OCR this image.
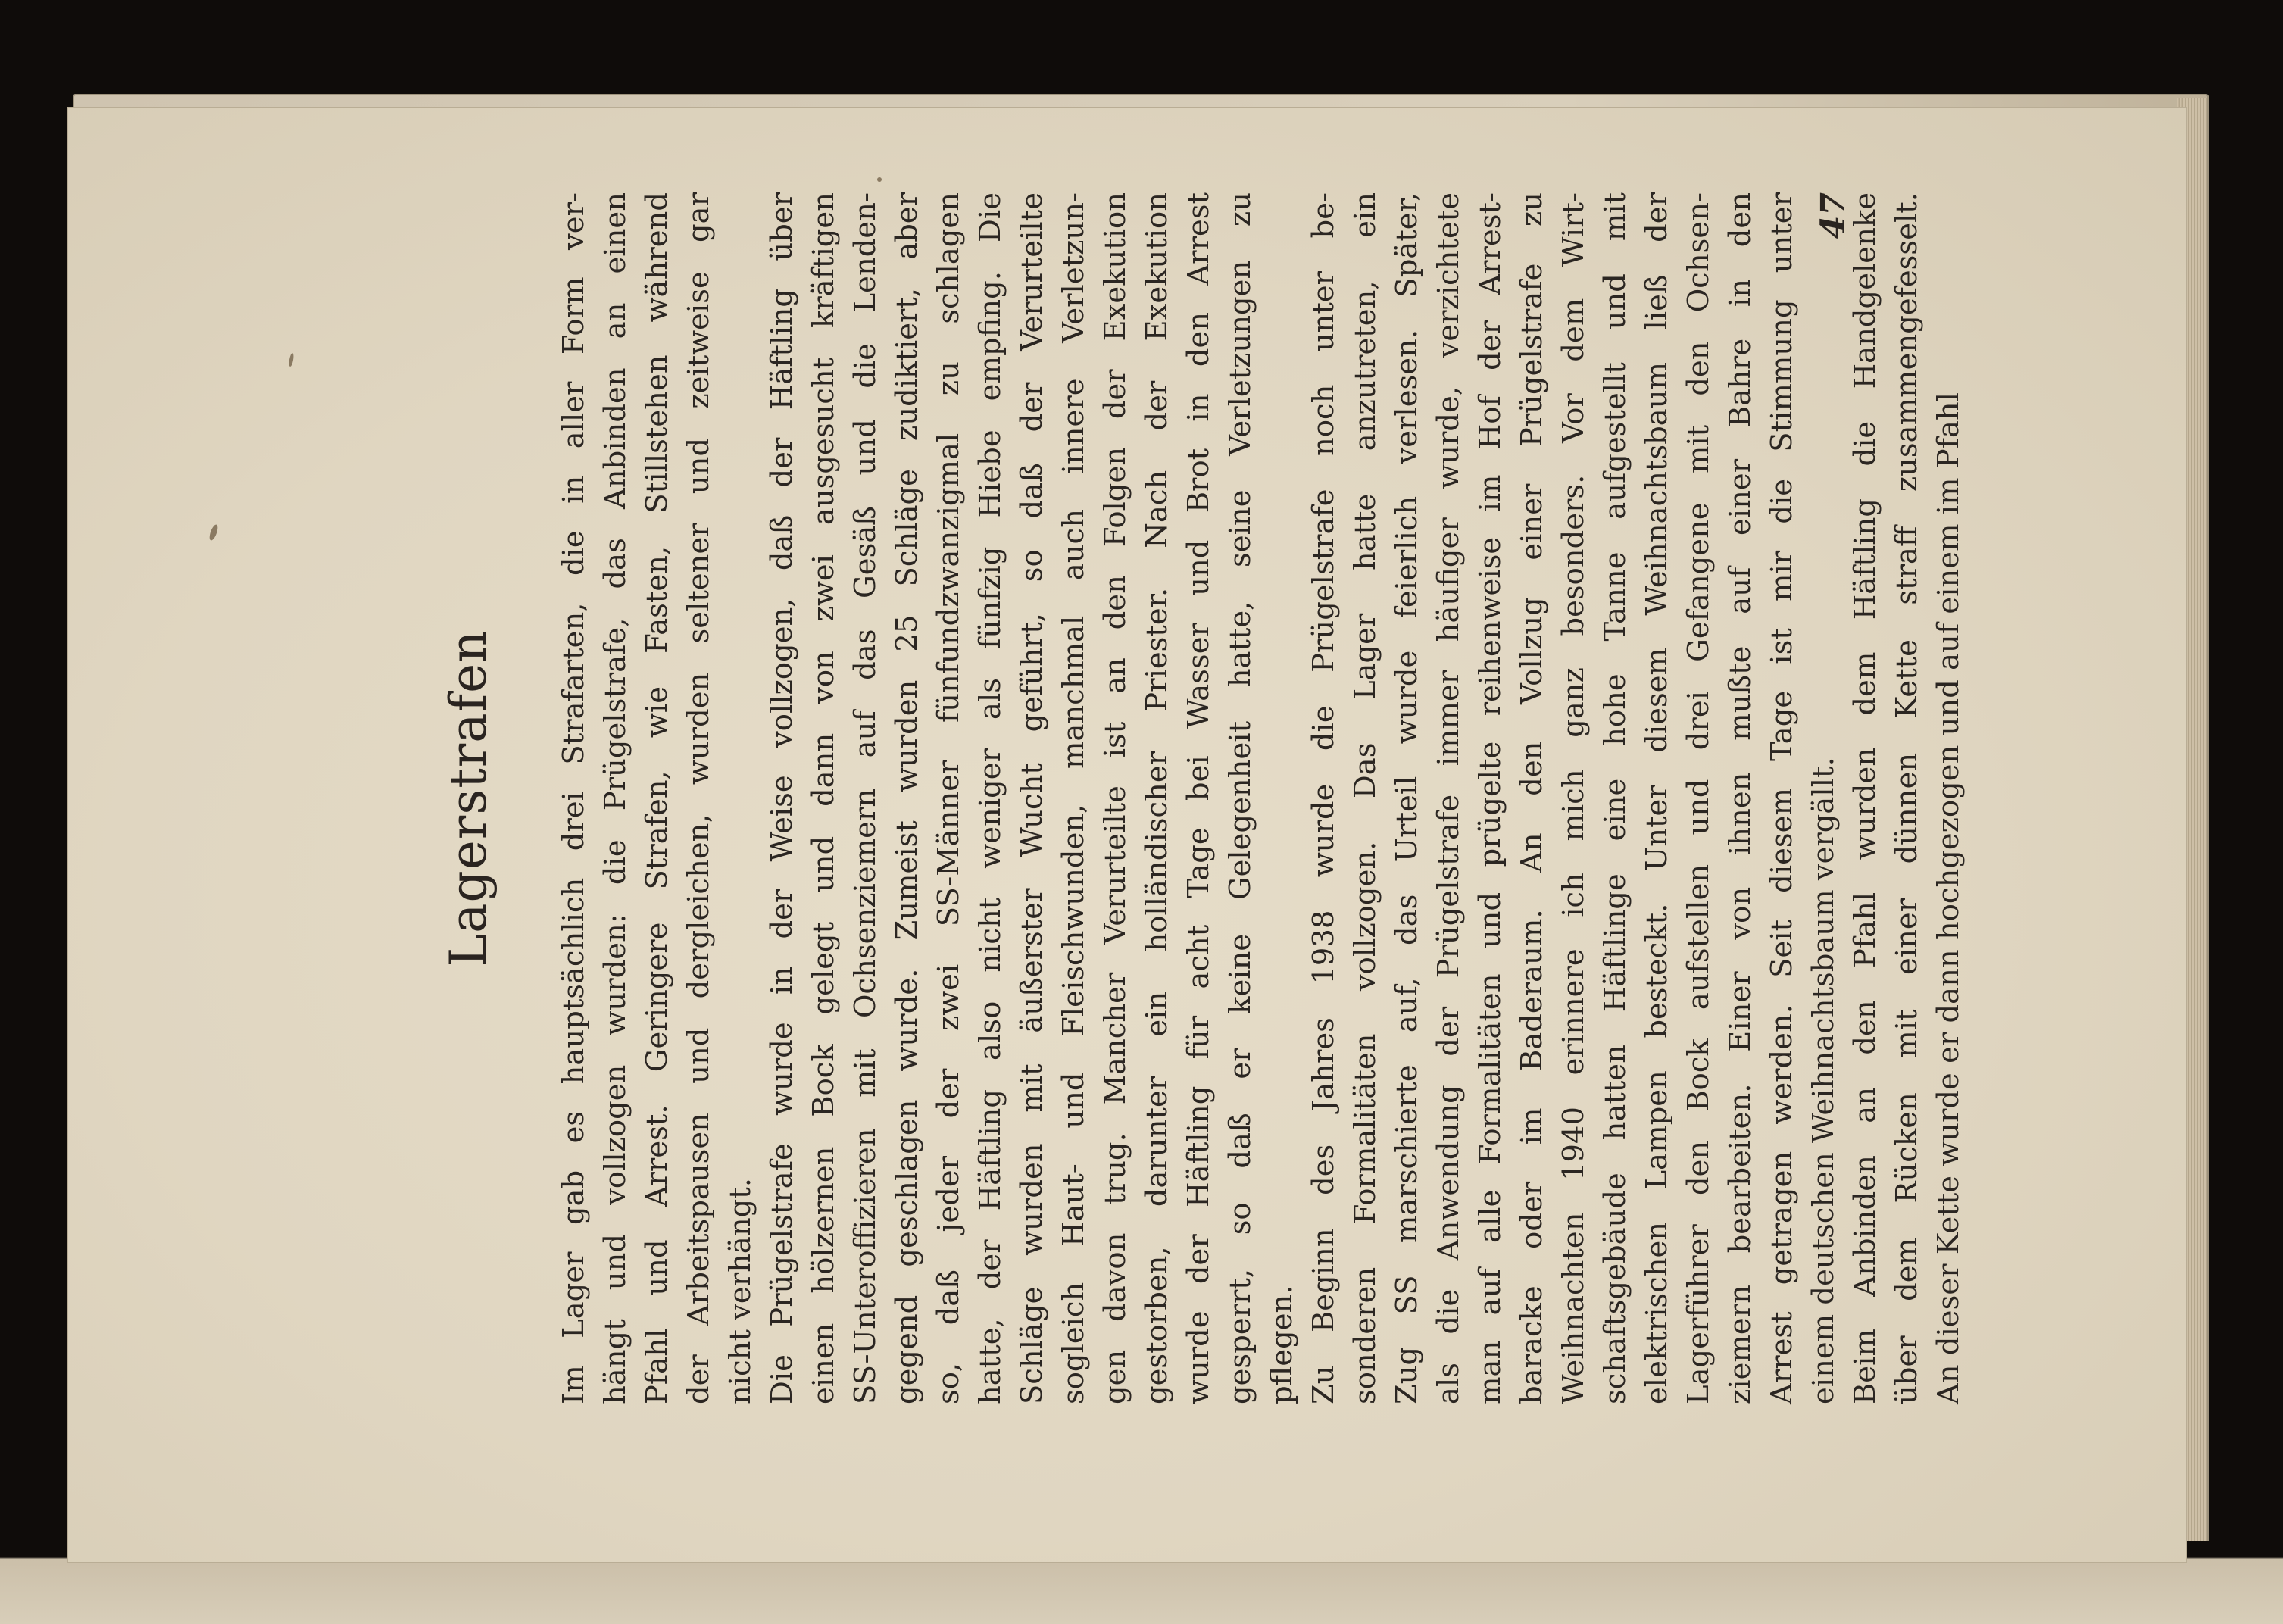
Lagerstrafen Im Lager gab es hauptsächlich drei Strafarten, die in aller Form ver- hängt und vollzogen wurden: die Prügelstrafe, das Anbinden an einen Pfahl und Arrest. Geringere Strafen, wie Fasten, Stillstehen während der Arbeitspausen und dergleichen, wurden seltener und zeitweise gar nicht verhängt. Die Prügelstrafe wurde in der Weise vollzogen, daß der Häftling über einen hölzernen Bock gelegt und dann von zwei ausgesucht kräftigen SS-Unteroffizieren mit Ochsenziemern auf das Gesäß und die Lenden- gegend geschlagen wurde. Zumeist wurden 25 Schläge zudiktiert, aber so, daß jeder der zwei SS-Männer fünfundzwanzigmal zu schlagen hatte, der Häftling also nicht weniger als fünfzig Hiebe empfing. Die Schläge wurden mit äußerster Wucht geführt, so daß der Verurteilte sogleich Haut- und Fleischwunden, manchmal auch innere Verletzun- gen davon trug. Mancher Verurteilte ist an den Folgen der Exekution gestorben, darunter ein holländischer Priester. Nach der Exekution wurde der Häftling für acht Tage bei Wasser und Brot in den Arrest gesperrt, so daß er keine Gelegenheit hatte, seine Verletzungen zu pflegen. Zu Beginn des Jahres 1938 wurde die Prügelstrafe noch unter be- sonderen Formalitäten vollzogen. Das Lager hatte anzutreten, ein Zug SS marschierte auf, das Urteil wurde feierlich verlesen. Später, als die Anwendung der Prügelstrafe immer häufiger wurde, verzichtete man auf alle Formalitäten und prügelte reihenweise im Hof der Arrest- baracke oder im Baderaum. An den Vollzug einer Prügelstrafe zu Weihnachten 1940 erinnere ich mich ganz besonders. Vor dem Wirt- schaftsgebäude hatten Häftlinge eine hohe Tanne aufgestellt und mit elektrischen Lampen besteckt. Unter diesem Weihnachtsbaum ließ der Lagerführer den Bock aufstellen und drei Gefangene mit den Ochsen- ziemern bearbeiten. Einer von ihnen mußte auf einer Bahre in den Arrest getragen werden. Seit diesem Tage ist mir die Stimmung unter einem deutschen Weihnachtsbaum vergällt. Beim Anbinden an den Pfahl wurden dem Häftling die Handgelenke über dem Rücken mit einer dünnen Kette straff zusammengefesselt. An dieser Kette wurde er dann hochgezogen und auf einem im Pfahl
47
